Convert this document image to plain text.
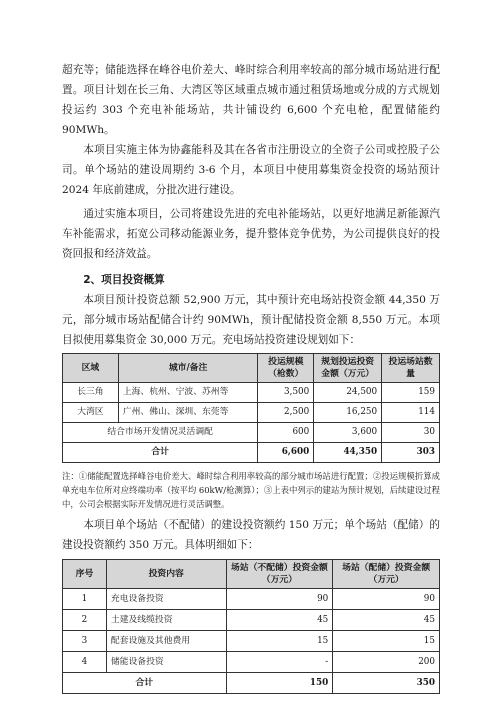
超充等；储能选择在峰谷电价差大、峰时综合利用率较高的部分城市场站进行配置。项目计划在长三角、大湾区等区域重点城市通过租赁场地或分成的方式规划投运约 303 个充电补能场站，共计铺设约 6,600 个充电枪，配置储能约 90MWh。

本项目实施主体为协鑫能科及其在各省市注册设立的全资子公司或控股子公司。单个场站的建设周期约 3-6 个月，本项目中使用募集资金投资的场站预计 2024 年底前建成，分批次进行建设。

通过实施本项目，公司将建设先进的充电补能场站，以更好地满足新能源汽车补能需求，拓宽公司移动能源业务，提升整体竞争优势，为公司提供良好的投资回报和经济效益。

2、项目投资概算

本项目预计投资总额 52,900 万元，其中预计充电场站投资金额 44,350 万元，部分城市场站配储合计约 90MWh，预计配储投资金额 8,550 万元。本项目拟使用募集资金 30,000 万元。充电场站投资建设规划如下：

区域	城市/备注	投运规模（枪数）	规划投运投资金额（万元）	投运场站数量
长三角	上海、杭州、宁波、苏州等	3,500	24,500	159
大湾区	广州、佛山、深圳、东莞等	2,500	16,250	114
结合市场开发情况灵活调配		600	3,600	30
合计		6,600	44,350	303

注：①储能配置选择峰谷电价差大、峰时综合利用率较高的部分城市场站进行配置；②投运规模折算成单充电车位所对应终端功率（按平均 60kW/枪测算）；③上表中列示的建站为预计规划，后续建设过程中，公司会根据实际开发情况进行灵活调整。

本项目单个场站（不配储）的建设投资额约 150 万元；单个场站（配储）的建设投资额约 350 万元。具体明细如下：

序号	投资内容	场站（不配储）投资金额（万元）	场站（配储）投资金额（万元）
1	充电设备投资	90	90
2	土建及线缆投资	45	45
3	配套设施及其他费用	15	15
4	储能设备投资	-	200
合计		150	350
